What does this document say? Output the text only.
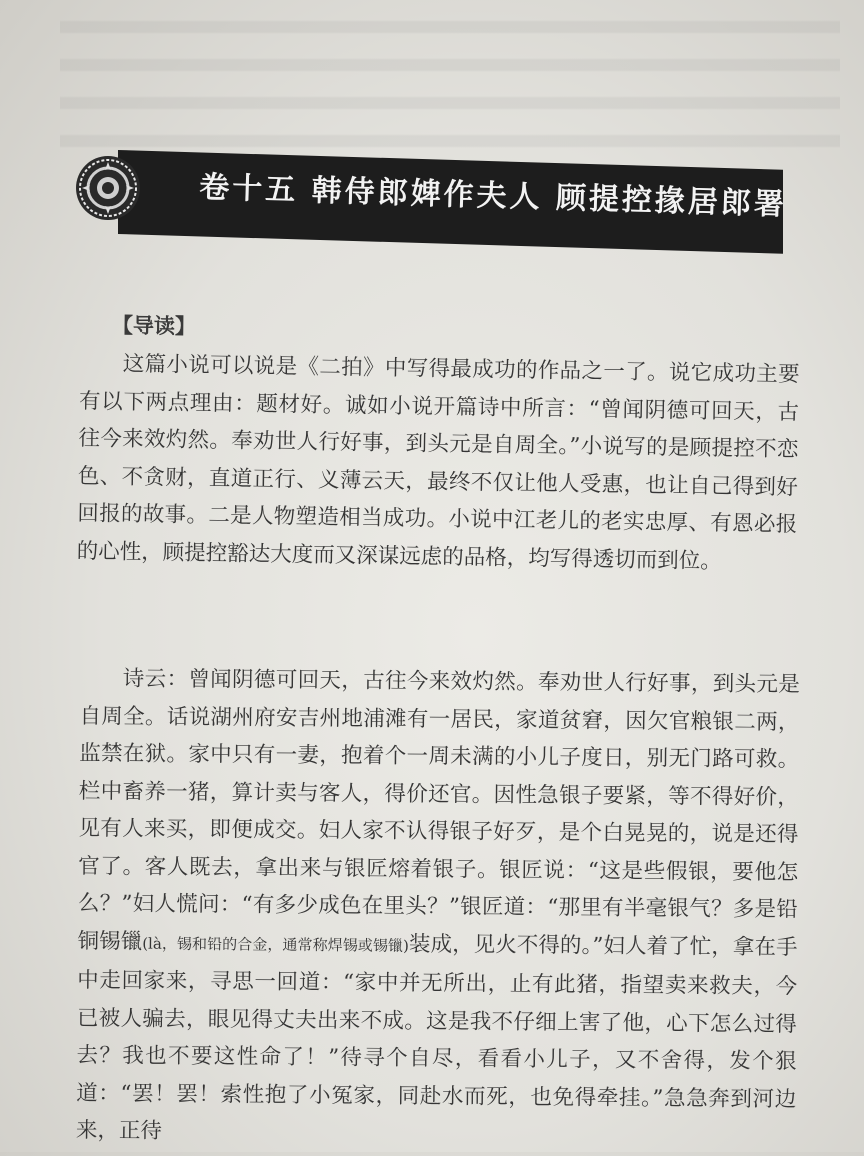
卷十五 韩侍郎婢作夫人 顾提控掾居郎署
【导读】
这篇小说可以说是《二拍》中写得最成功的作品之一了。说它成功主要有以下两点理由：题材好。诚如小说开篇诗中所言：“曾闻阴德可回天，古往今来效灼然。奉劝世人行好事，到头元是自周全。”小说写的是顾提控不恋色、不贪财，直道正行、义薄云天，最终不仅让他人受惠，也让自己得到好回报的故事。二是人物塑造相当成功。小说中江老儿的老实忠厚、有恩必报的心性，顾提控豁达大度而又深谋远虑的品格，均写得透切而到位。
诗云：曾闻阴德可回天，古往今来效灼然。奉劝世人行好事，到头元是自周全。话说湖州府安吉州地浦滩有一居民，家道贫窘，因欠官粮银二两，监禁在狱。家中只有一妻，抱着个一周未满的小儿子度日，别无门路可救。栏中畜养一猪，算计卖与客人，得价还官。因性急银子要紧，等不得好价，见有人来买，即便成交。妇人家不认得银子好歹，是个白晃晃的，说是还得官了。客人既去，拿出来与银匠熔着银子。银匠说：“这是些假银，要他怎么？”妇人慌问：“有多少成色在里头？”银匠道：“那里有半毫银气？多是铅铜锡镴(là，锡和铅的合金，通常称焊锡或锡镴)装成，见火不得的。”妇人着了忙，拿在手中走回家来，寻思一回道：“家中并无所出，止有此猪，指望卖来救夫，今已被人骗去，眼见得丈夫出来不成。这是我不仔细上害了他，心下怎么过得去？我也不要这性命了！”待寻个自尽，看看小儿子，又不舍得，发个狠道：“罢！罢！索性抱了小冤家，同赴水而死，也免得牵挂。”急急奔到河边来，正待
